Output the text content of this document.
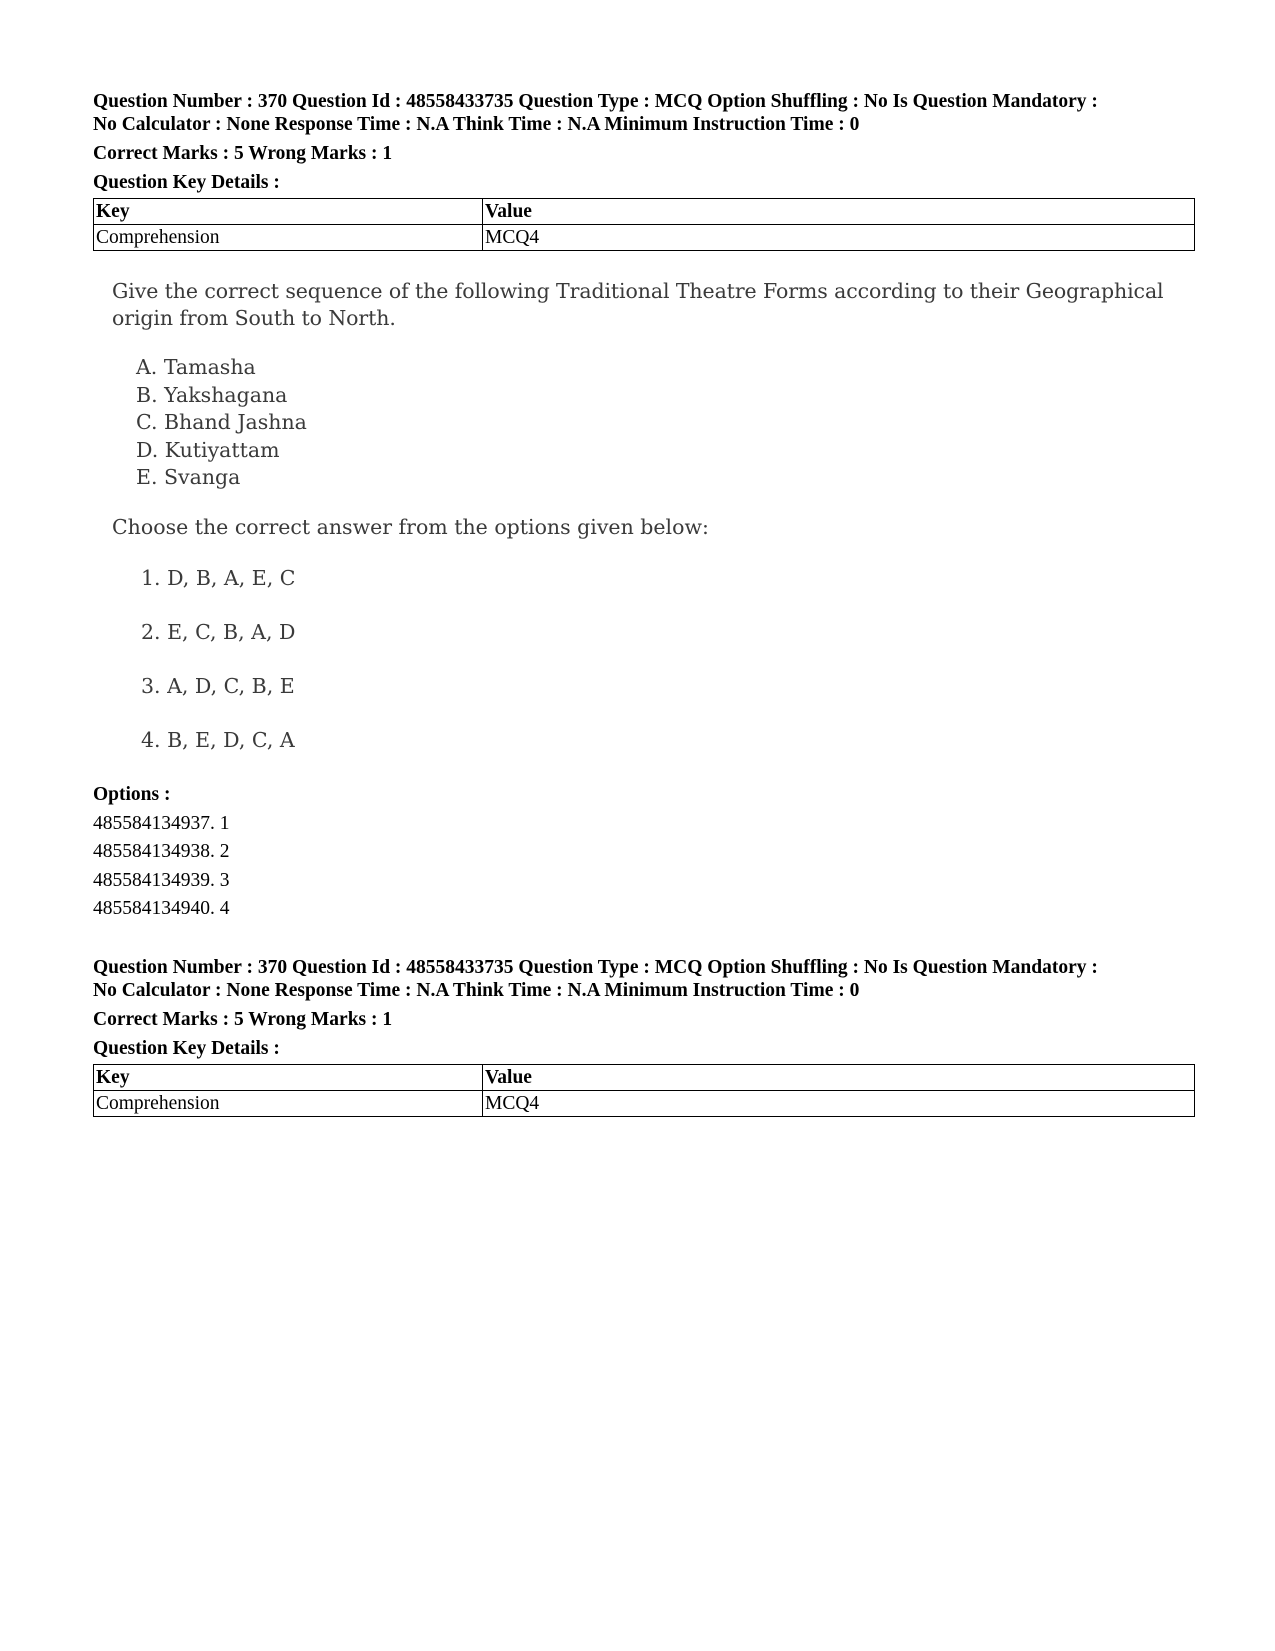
Question Number : 370 Question Id : 48558433735 Question Type : MCQ Option Shuffling : No Is Question Mandatory :

No Calculator : None Response Time : N.A Think Time : N.A Minimum Instruction Time : 0

Correct Marks : 5 Wrong Marks : 1
Question Key Details :
Key	Value
Comprehension	MCQ4

Give the correct sequence of the following Traditional Theatre Forms according to their Geographical origin from South to North.

A. Tamasha
B. Yakshagana
C. Bhand Jashna
D. Kutiyattam
E. Svanga

Choose the correct answer from the options given below:

1. D, B, A, E, C
2. E, C, B, A, D
3. A, D, C, B, E
4. B, E, D, C, A
Options :
485584134937. 1
485584134938. 2
485584134939. 3
485584134940. 4

Question Number : 370 Question Id : 48558433735 Question Type : MCQ Option Shuffling : No Is Question Mandatory :

No Calculator : None Response Time : N.A Think Time : N.A Minimum Instruction Time : 0

Correct Marks : 5 Wrong Marks : 1
Question Key Details :
Key	Value
Comprehension	MCQ4
